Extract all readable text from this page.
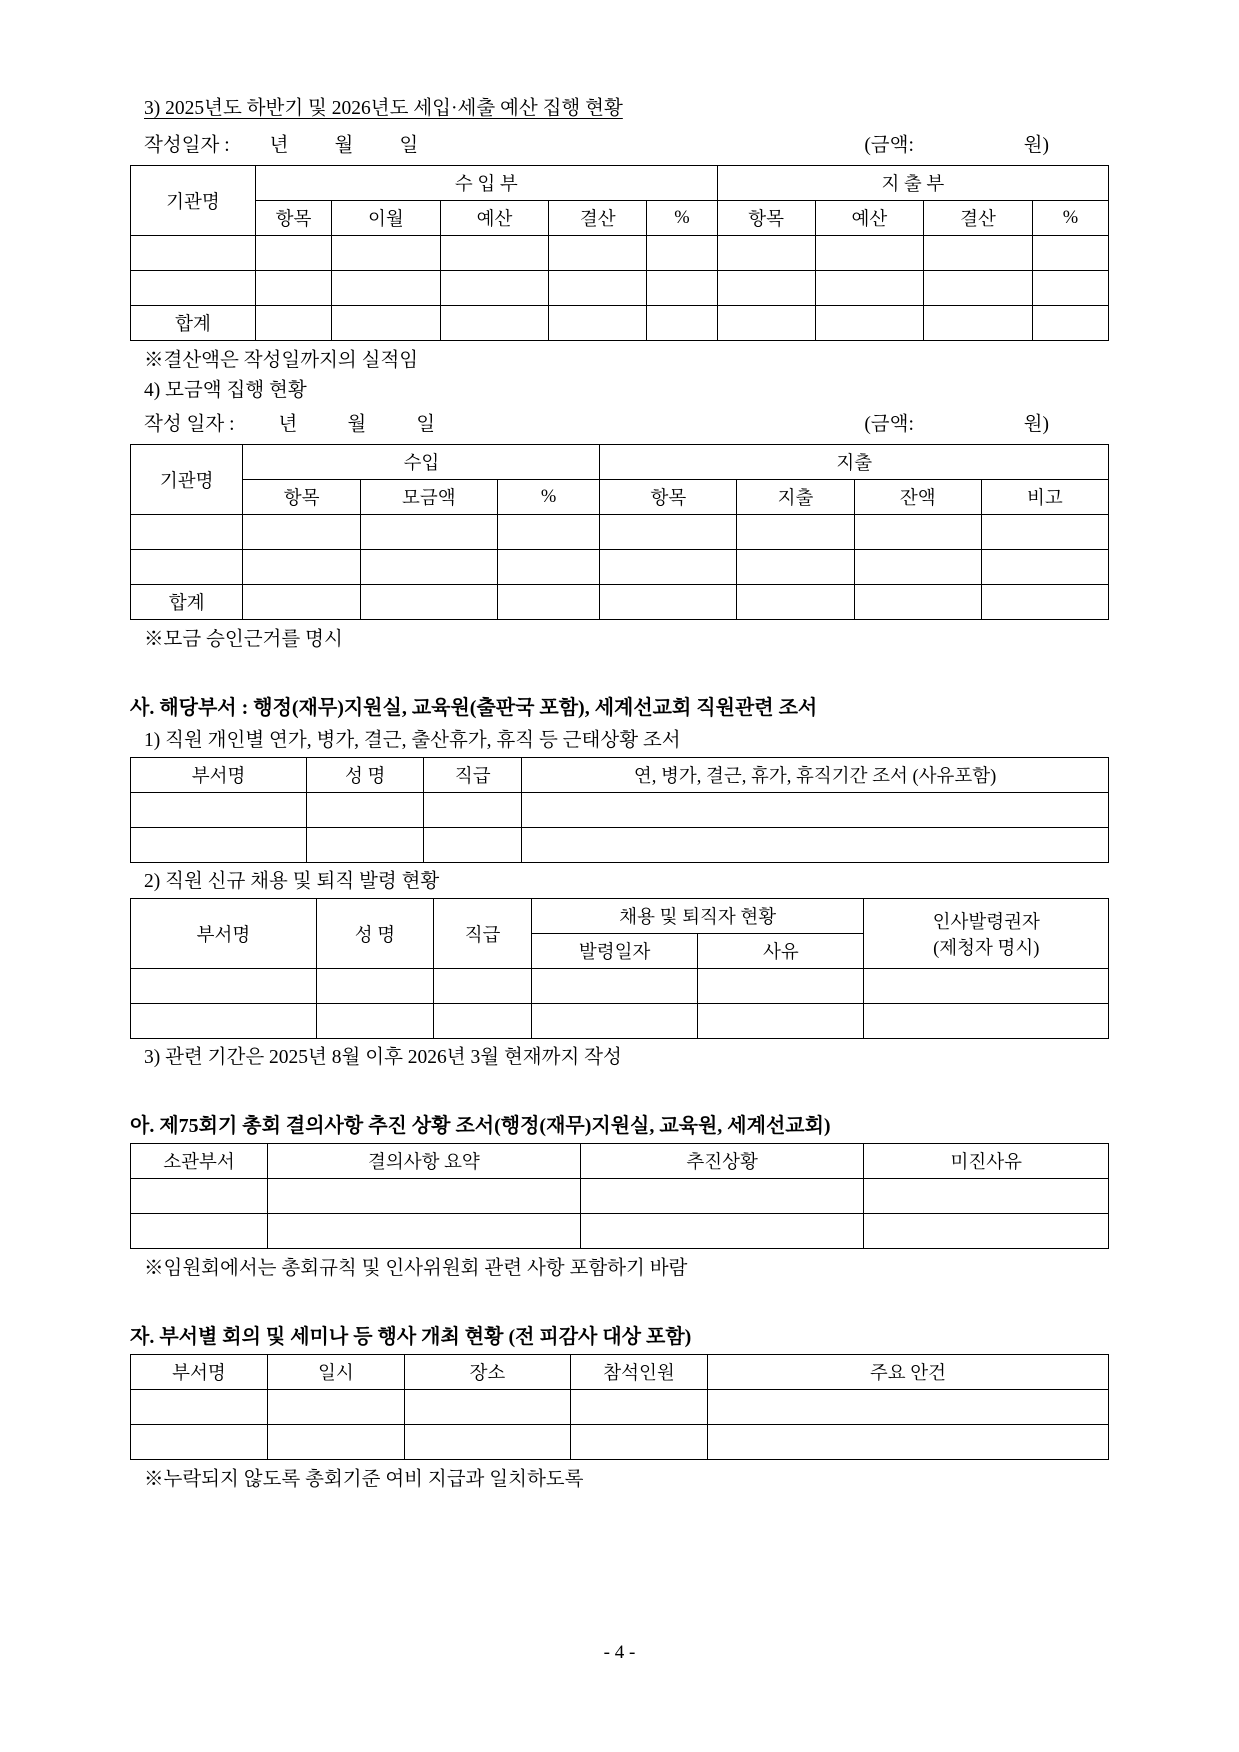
3) 2025년도 하반기 및 2026년도 세입·세출 예산 집행 현황
작성일자 : 년 월 일	(금액:	원)
기관명	수 입 부					지 출 부			
	항목	이월	예산	결산	%	항목	예산	결산	%

합계									
※결산액은 작성일까지의 실적임
4) 모금액 집행 현황
작성 일자 : 년	월	일	(금액:	원)
기관명	수입			지출			
	항목	모금액	%	항목	지출	잔액	비고

합계							
※모금 승인근거를 명시
사. 해당부서 : 행정(재무)지원실, 교육원(출판국 포함), 세계선교회 직원관련 조서
1) 직원 개인별 연가, 병가, 결근, 출산휴가, 휴직 등 근태상황 조서
부서명	성 명	직급	연, 병가, 결근, 휴가, 휴직기간 조서 (사유포함)

2) 직원 신규 채용 및 퇴직 발령 현황
부서명	성 명	직급	채용 및 퇴직자 현황		인사발령권자
(제청자 명시)

			발령일자	사유	

3) 관련 기간은 2025년 8월 이후 2026년 3월 현재까지 작성
아. 제75회기 총회 결의사항 추진 상황 조서(행정(재무)지원실, 교육원, 세계선교회)
소관부서	결의사항 요약	추진상황	미진사유

※임원회에서는 총회규칙 및 인사위원회 관련 사항 포함하기 바람
자. 부서별 회의 및 세미나 등 행사 개최 현황 (전 피감사 대상 포함)
부서명	일시	장소	참석인원	주요 안건

※누락되지 않도록 총회기준 여비 지급과 일치하도록
- 4 -
